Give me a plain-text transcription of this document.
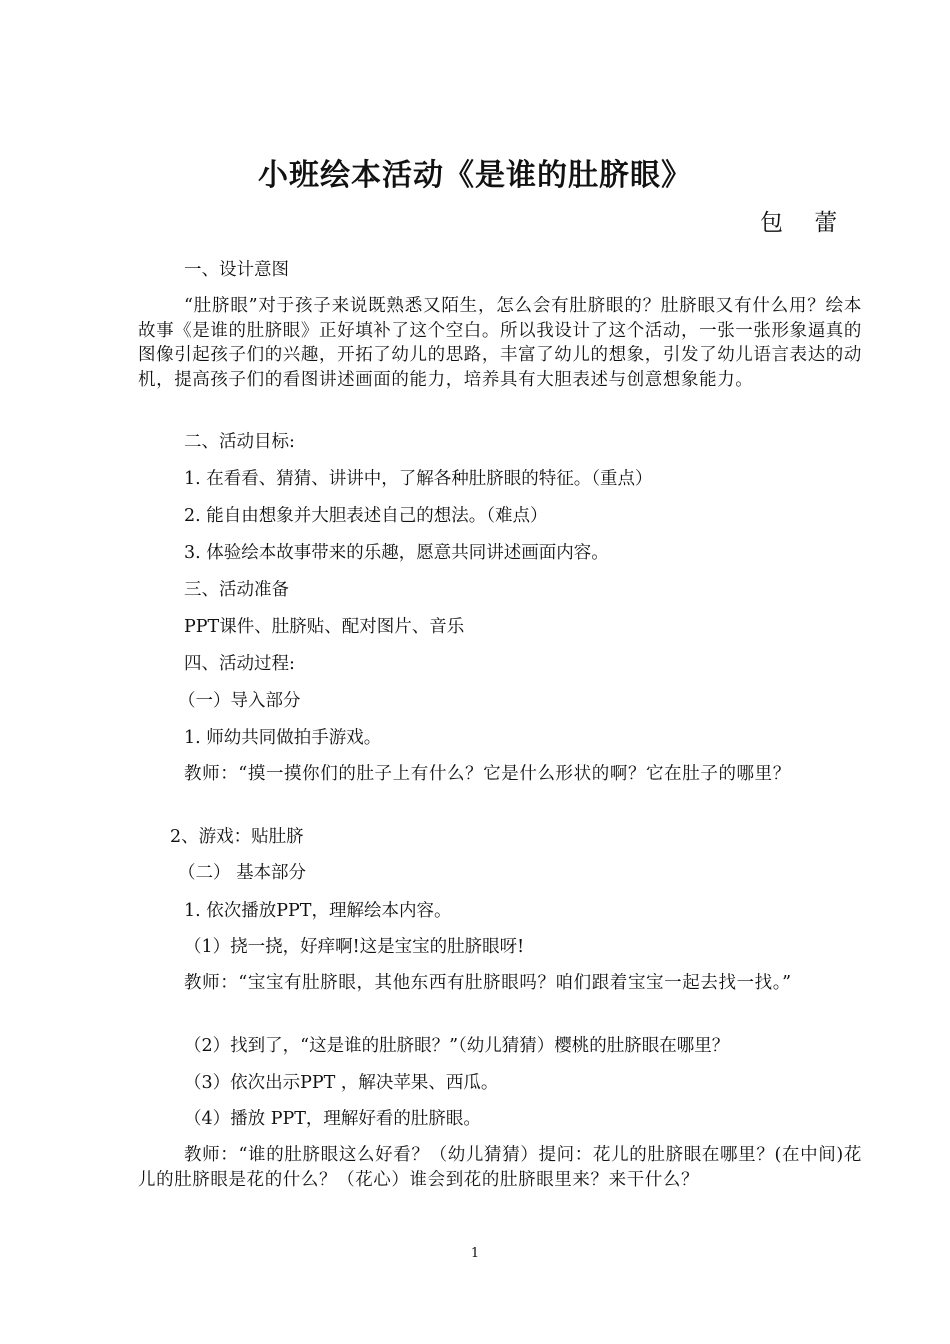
小班绘本活动《是谁的肚脐眼》
包 蕾
一、设计意图
“肚脐眼”对于孩子来说既熟悉又陌生，怎么会有肚脐眼的？肚脐眼又有什么用？绘本故事《是谁的肚脐眼》正好填补了这个空白。所以我设计了这个活动，一张一张形象逼真的图像引起孩子们的兴趣，开拓了幼儿的思路，丰富了幼儿的想象，引发了幼儿语言表达的动机，提高孩子们的看图讲述画面的能力，培养具有大胆表述与创意想象能力。
二、活动目标:
1. 在看看、猜猜、讲讲中，了解各种肚脐眼的特征。（重点）
2. 能自由想象并大胆表述自己的想法。（难点）
3. 体验绘本故事带来的乐趣，愿意共同讲述画面内容。
三、活动准备
PPT课件、肚脐贴、配对图片、音乐
四、活动过程:
（一）导入部分
1. 师幼共同做拍手游戏。
教师：“摸一摸你们的肚子上有什么？它是什么形状的啊？它在肚子的哪里？
2、游戏：贴肚脐
（二） 基本部分
1. 依次播放PPT，理解绘本内容。
（1）挠一挠，好痒啊!这是宝宝的肚脐眼呀!
教师：“宝宝有肚脐眼，其他东西有肚脐眼吗？咱们跟着宝宝一起去找一找。”
（2）找到了，“这是谁的肚脐眼？”（幼儿猜猜）樱桃的肚脐眼在哪里？
（3）依次出示PPT ，解决苹果、西瓜。
（4）播放 PPT，理解好看的肚脐眼。
教师：“谁的肚脐眼这么好看？（幼儿猜猜）提问：花儿的肚脐眼在哪里？(在中间)花儿的肚脐眼是花的什么？（花心）谁会到花的肚脐眼里来？来干什么？
1
